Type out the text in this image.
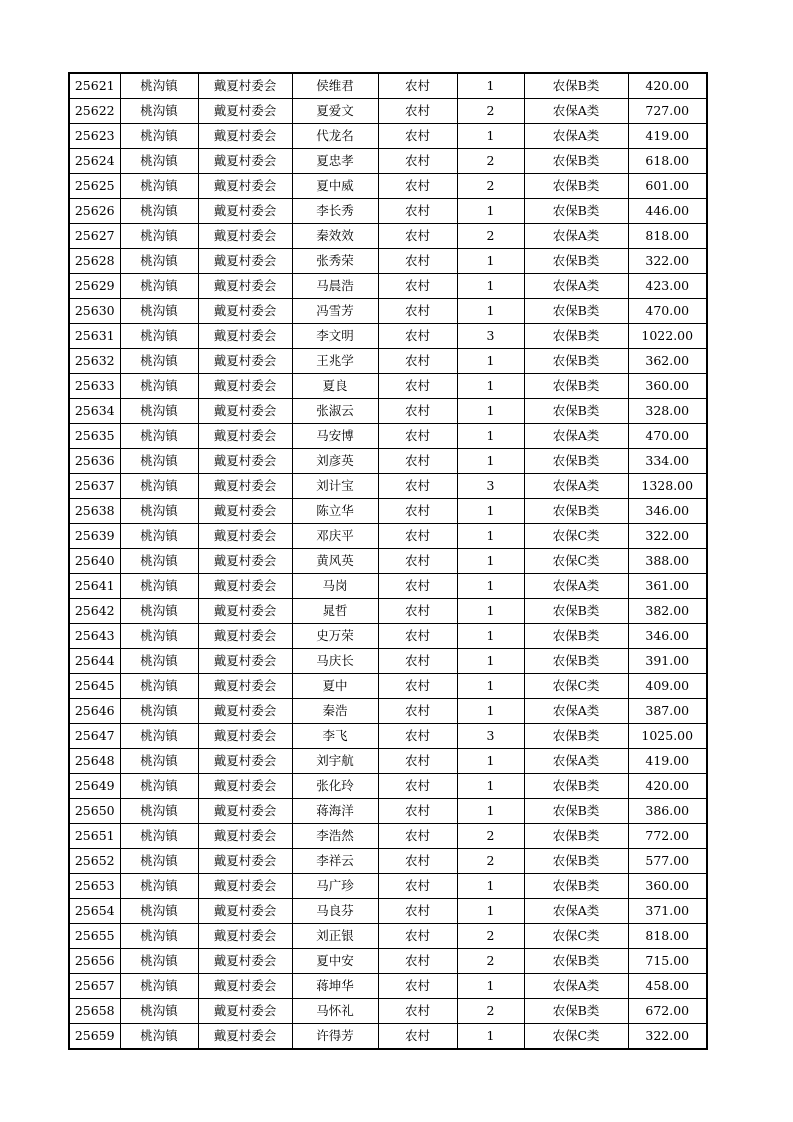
25621	桃沟镇	戴夏村委会	侯维君	农村	1	农保B类	420.00
25622	桃沟镇	戴夏村委会	夏爱文	农村	2	农保A类	727.00
25623	桃沟镇	戴夏村委会	代龙名	农村	1	农保A类	419.00
25624	桃沟镇	戴夏村委会	夏忠孝	农村	2	农保B类	618.00
25625	桃沟镇	戴夏村委会	夏中威	农村	2	农保B类	601.00
25626	桃沟镇	戴夏村委会	李长秀	农村	1	农保B类	446.00
25627	桃沟镇	戴夏村委会	秦效效	农村	2	农保A类	818.00
25628	桃沟镇	戴夏村委会	张秀荣	农村	1	农保B类	322.00
25629	桃沟镇	戴夏村委会	马晨浩	农村	1	农保A类	423.00
25630	桃沟镇	戴夏村委会	冯雪芳	农村	1	农保B类	470.00
25631	桃沟镇	戴夏村委会	李文明	农村	3	农保B类	1022.00
25632	桃沟镇	戴夏村委会	王兆学	农村	1	农保B类	362.00
25633	桃沟镇	戴夏村委会	夏良	农村	1	农保B类	360.00
25634	桃沟镇	戴夏村委会	张淑云	农村	1	农保B类	328.00
25635	桃沟镇	戴夏村委会	马安博	农村	1	农保A类	470.00
25636	桃沟镇	戴夏村委会	刘彦英	农村	1	农保B类	334.00
25637	桃沟镇	戴夏村委会	刘计宝	农村	3	农保A类	1328.00
25638	桃沟镇	戴夏村委会	陈立华	农村	1	农保B类	346.00
25639	桃沟镇	戴夏村委会	邓庆平	农村	1	农保C类	322.00
25640	桃沟镇	戴夏村委会	黄风英	农村	1	农保C类	388.00
25641	桃沟镇	戴夏村委会	马岗	农村	1	农保A类	361.00
25642	桃沟镇	戴夏村委会	晁哲	农村	1	农保B类	382.00
25643	桃沟镇	戴夏村委会	史万荣	农村	1	农保B类	346.00
25644	桃沟镇	戴夏村委会	马庆长	农村	1	农保B类	391.00
25645	桃沟镇	戴夏村委会	夏中	农村	1	农保C类	409.00
25646	桃沟镇	戴夏村委会	秦浩	农村	1	农保A类	387.00
25647	桃沟镇	戴夏村委会	李飞	农村	3	农保B类	1025.00
25648	桃沟镇	戴夏村委会	刘宇航	农村	1	农保A类	419.00
25649	桃沟镇	戴夏村委会	张化玲	农村	1	农保B类	420.00
25650	桃沟镇	戴夏村委会	蒋海洋	农村	1	农保B类	386.00
25651	桃沟镇	戴夏村委会	李浩然	农村	2	农保B类	772.00
25652	桃沟镇	戴夏村委会	李祥云	农村	2	农保B类	577.00
25653	桃沟镇	戴夏村委会	马广珍	农村	1	农保B类	360.00
25654	桃沟镇	戴夏村委会	马良芬	农村	1	农保A类	371.00
25655	桃沟镇	戴夏村委会	刘正银	农村	2	农保C类	818.00
25656	桃沟镇	戴夏村委会	夏中安	农村	2	农保B类	715.00
25657	桃沟镇	戴夏村委会	蒋坤华	农村	1	农保A类	458.00
25658	桃沟镇	戴夏村委会	马怀礼	农村	2	农保B类	672.00
25659	桃沟镇	戴夏村委会	许得芳	农村	1	农保C类	322.00
